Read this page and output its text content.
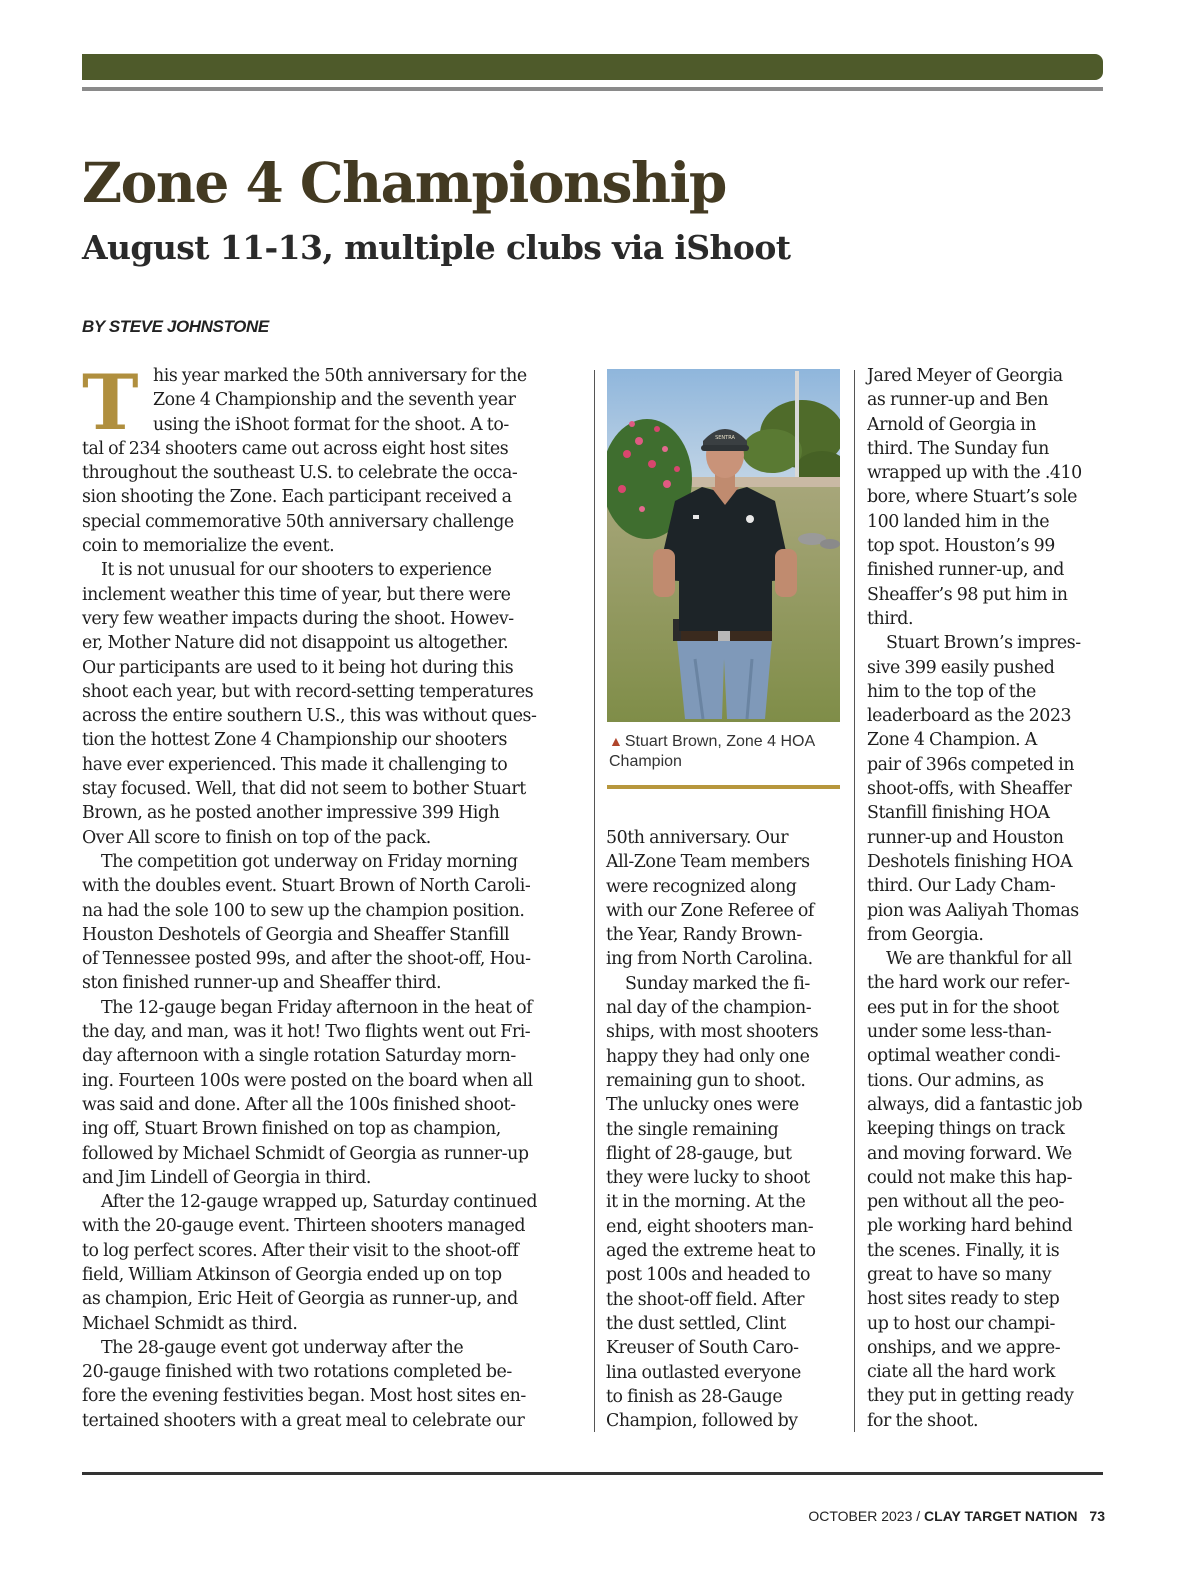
Zone 4 Championship
August 11-13, multiple clubs via iShoot
BY STEVE JOHNSTONE
T his year marked the 50th anniversary for the
Zone 4 Championship and the seventh year
using the iShoot format for the shoot. A to-
tal of 234 shooters came out across eight host sites
throughout the southeast U.S. to celebrate the occa-
sion shooting the Zone. Each participant received a
special commemorative 50th anniversary challenge
coin to memorialize the event.
It is not unusual for our shooters to experience
inclement weather this time of year, but there were
very few weather impacts during the shoot. Howev-
er, Mother Nature did not disappoint us altogether.
Our participants are used to it being hot during this
shoot each year, but with record-setting temperatures
across the entire southern U.S., this was without ques-
tion the hottest Zone 4 Championship our shooters
have ever experienced. This made it challenging to
stay focused. Well, that did not seem to bother Stuart
Brown, as he posted another impressive 399 High
Over All score to finish on top of the pack.
The competition got underway on Friday morning
with the doubles event. Stuart Brown of North Caroli-
na had the sole 100 to sew up the champion position.
Houston Deshotels of Georgia and Sheaffer Stanfill
of Tennessee posted 99s, and after the shoot-off, Hou-
ston finished runner-up and Sheaffer third.
The 12-gauge began Friday afternoon in the heat of
the day, and man, was it hot! Two flights went out Fri-
day afternoon with a single rotation Saturday morn-
ing. Fourteen 100s were posted on the board when all
was said and done. After all the 100s finished shoot-
ing off, Stuart Brown finished on top as champion,
followed by Michael Schmidt of Georgia as runner-up
and Jim Lindell of Georgia in third.
After the 12-gauge wrapped up, Saturday continued
with the 20-gauge event. Thirteen shooters managed
to log perfect scores. After their visit to the shoot-off
field, William Atkinson of Georgia ended up on top
as champion, Eric Heit of Georgia as runner-up, and
Michael Schmidt as third.
The 28-gauge event got underway after the
20-gauge finished with two rotations completed be-
fore the evening festivities began. Most host sites en-
tertained shooters with a great meal to celebrate our
SENTRA
▲ Stuart Brown, Zone 4 HOA Champion
50th anniversary. Our
All-Zone Team members
were recognized along
with our Zone Referee of
the Year, Randy Brown-
ing from North Carolina.
Sunday marked the fi-
nal day of the champion-
ships, with most shooters
happy they had only one
remaining gun to shoot.
The unlucky ones were
the single remaining
flight of 28-gauge, but
they were lucky to shoot
it in the morning. At the
end, eight shooters man-
aged the extreme heat to
post 100s and headed to
the shoot-off field. After
the dust settled, Clint
Kreuser of South Caro-
lina outlasted everyone
to finish as 28-Gauge
Champion, followed by
Jared Meyer of Georgia
as runner-up and Ben
Arnold of Georgia in
third. The Sunday fun
wrapped up with the .410
bore, where Stuart’s sole
100 landed him in the
top spot. Houston’s 99
finished runner-up, and
Sheaffer’s 98 put him in
third.
Stuart Brown’s impres-
sive 399 easily pushed
him to the top of the
leaderboard as the 2023
Zone 4 Champion. A
pair of 396s competed in
shoot-offs, with Sheaffer
Stanfill finishing HOA
runner-up and Houston
Deshotels finishing HOA
third. Our Lady Cham-
pion was Aaliyah Thomas
from Georgia.
We are thankful for all
the hard work our refer-
ees put in for the shoot
under some less-than-
optimal weather condi-
tions. Our admins, as
always, did a fantastic job
keeping things on track
and moving forward. We
could not make this hap-
pen without all the peo-
ple working hard behind
the scenes. Finally, it is
great to have so many
host sites ready to step
up to host our champi-
onships, and we appre-
ciate all the hard work
they put in getting ready
for the shoot.
OCTOBER 2023 / CLAY TARGET NATION 73
